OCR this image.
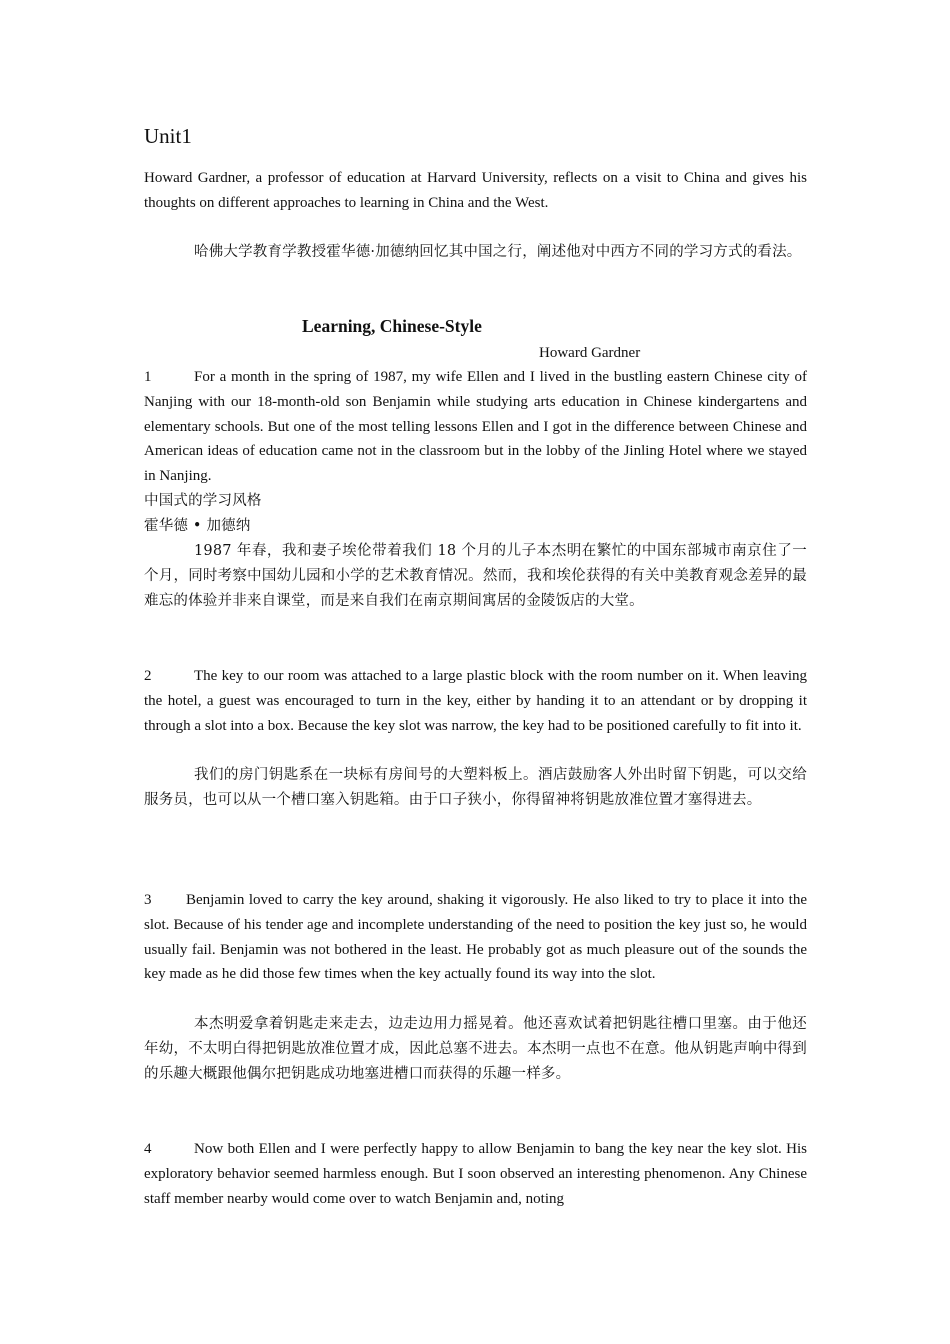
Unit1
Howard Gardner, a professor of education at Harvard University, reflects on a visit to China and gives his thoughts on different approaches to learning in China and the West.
哈佛大学教育学教授霍华德·加德纳回忆其中国之行，阐述他对中西方不同的学习方式的看法。
Learning, Chinese-Style
Howard Gardner
1	For a month in the spring of 1987, my wife Ellen and I lived in the bustling eastern Chinese city of Nanjing with our 18-month-old son Benjamin while studying arts education in Chinese kindergartens and elementary schools. But one of the most telling lessons Ellen and I got in the difference between Chinese and American ideas of education came not in the classroom but in the lobby of the Jinling Hotel where we stayed in Nanjing.
中国式的学习风格
霍华德 • 加德纳
1987 年春，我和妻子埃伦带着我们 18 个月的儿子本杰明在繁忙的中国东部城市南京住了一个月，同时考察中国幼儿园和小学的艺术教育情况。然而，我和埃伦获得的有关中美教育观念差异的最难忘的体验并非来自课堂，而是来自我们在南京期间寓居的金陵饭店的大堂。
2	The key to our room was attached to a large plastic block with the room number on it. When leaving the hotel, a guest was encouraged to turn in the key, either by handing it to an attendant or by dropping it through a slot into a box. Because the key slot was narrow, the key had to be positioned carefully to fit into it.
我们的房门钥匙系在一块标有房间号的大塑料板上。酒店鼓励客人外出时留下钥匙，可以交给服务员，也可以从一个槽口塞入钥匙箱。由于口子狭小，你得留神将钥匙放准位置才塞得进去。
3 Benjamin loved to carry the key around, shaking it vigorously. He also liked to try to place it into the slot. Because of his tender age and incomplete understanding of the need to position the key just so, he would usually fail. Benjamin was not bothered in the least. He probably got as much pleasure out of the sounds the key made as he did those few times when the key actually found its way into the slot.
本杰明爱拿着钥匙走来走去，边走边用力摇晃着。他还喜欢试着把钥匙往槽口里塞。由于他还年幼，不太明白得把钥匙放准位置才成，因此总塞不进去。本杰明一点也不在意。他从钥匙声响中得到的乐趣大概跟他偶尔把钥匙成功地塞进槽口而获得的乐趣一样多。
4	Now both Ellen and I were perfectly happy to allow Benjamin to bang the key near the key slot. His exploratory behavior seemed harmless enough. But I soon observed an interesting phenomenon. Any Chinese staff member nearby would come over to watch Benjamin and, noting
